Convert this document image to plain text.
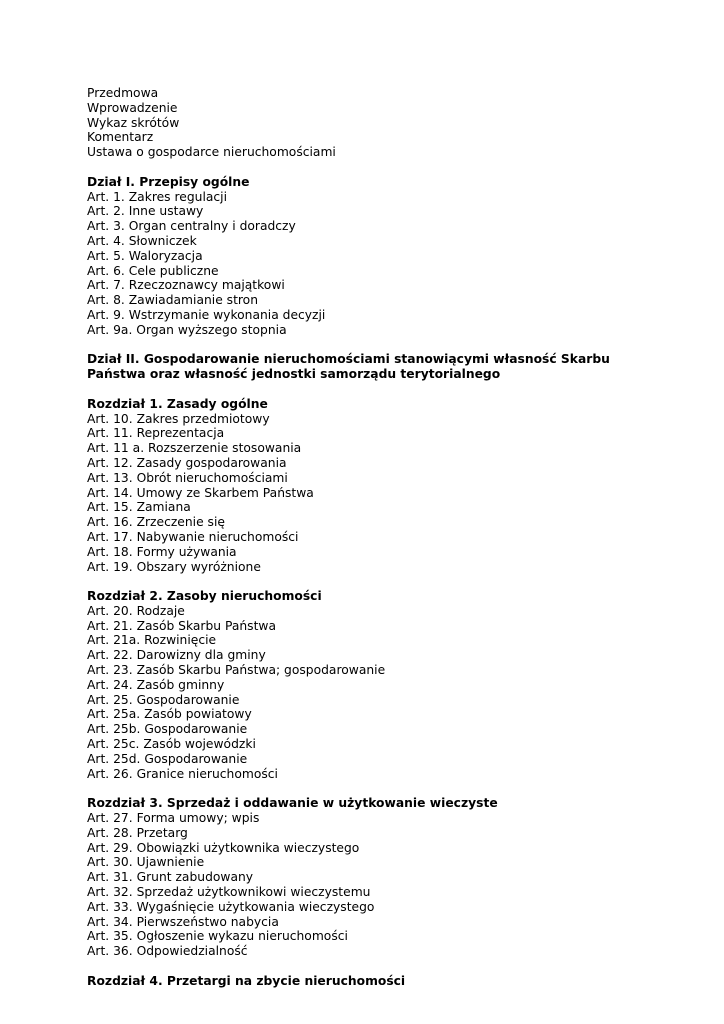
Przedmowa
Wprowadzenie
Wykaz skrótów
Komentarz
Ustawa o gospodarce nieruchomościami
Dział I. Przepisy ogólne
Art. 1. Zakres regulacji
Art. 2. Inne ustawy
Art. 3. Organ centralny i doradczy
Art. 4. Słowniczek
Art. 5. Waloryzacja
Art. 6. Cele publiczne
Art. 7. Rzeczoznawcy majątkowi
Art. 8. Zawiadamianie stron
Art. 9. Wstrzymanie wykonania decyzji
Art. 9a. Organ wyższego stopnia
Dział II. Gospodarowanie nieruchomościami stanowiącymi własność Skarbu Państwa oraz własność jednostki samorządu terytorialnego
Rozdział 1. Zasady ogólne
Art. 10. Zakres przedmiotowy
Art. 11. Reprezentacja
Art. 11 a. Rozszerzenie stosowania
Art. 12. Zasady gospodarowania
Art. 13. Obrót nieruchomościami
Art. 14. Umowy ze Skarbem Państwa
Art. 15. Zamiana
Art. 16. Zrzeczenie się
Art. 17. Nabywanie nieruchomości
Art. 18. Formy używania
Art. 19. Obszary wyróżnione
Rozdział 2. Zasoby nieruchomości
Art. 20. Rodzaje
Art. 21. Zasób Skarbu Państwa
Art. 21a. Rozwinięcie
Art. 22. Darowizny dla gminy
Art. 23. Zasób Skarbu Państwa; gospodarowanie
Art. 24. Zasób gminny
Art. 25. Gospodarowanie
Art. 25a. Zasób powiatowy
Art. 25b. Gospodarowanie
Art. 25c. Zasób wojewódzki
Art. 25d. Gospodarowanie
Art. 26. Granice nieruchomości
Rozdział 3. Sprzedaż i oddawanie w użytkowanie wieczyste
Art. 27. Forma umowy; wpis
Art. 28. Przetarg
Art. 29. Obowiązki użytkownika wieczystego
Art. 30. Ujawnienie
Art. 31. Grunt zabudowany
Art. 32. Sprzedaż użytkownikowi wieczystemu
Art. 33. Wygaśnięcie użytkowania wieczystego
Art. 34. Pierwszeństwo nabycia
Art. 35. Ogłoszenie wykazu nieruchomości
Art. 36. Odpowiedzialność
Rozdział 4. Przetargi na zbycie nieruchomości
